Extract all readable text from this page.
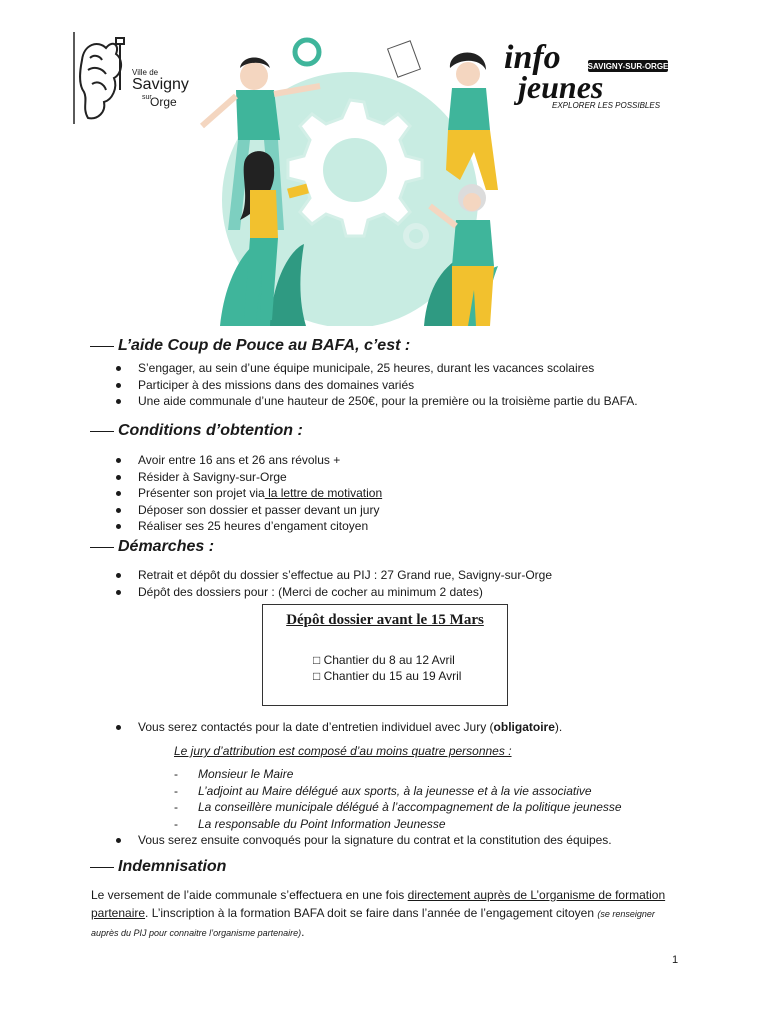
Ville de
Savigny
sur
Orge
info	SAVIGNY-SUR-ORGE
jeunes
EXPLORER LES POSSIBLES
L’aide Coup de Pouce au BAFA, c’est :
S’engager, au sein d’une équipe municipale, 25 heures, durant les vacances scolaires
Participer à des missions dans des domaines variés
Une aide communale d’une hauteur de 250€, pour la première ou la troisième partie du BAFA.
Conditions d’obtention :
Avoir entre 16 ans et 26 ans révolus +
Résider à Savigny-sur-Orge
Présenter son projet via la lettre de motivation
Déposer son dossier et passer devant un jury
Réaliser ses 25 heures d’engament citoyen
Démarches :
Retrait et dépôt du dossier s’effectue au PIJ : 27 Grand rue, Savigny-sur-Orge
Dépôt des dossiers pour : (Merci de cocher au minimum 2 dates)
Dépôt dossier avant le 15 Mars
□ Chantier du 8 au 12 Avril
□ Chantier du 15 au 19 Avril
Vous serez contactés pour la date d’entretien individuel avec Jury (obligatoire).
Le jury d’attribution est composé d’au moins quatre personnes :
- Monsieur le Maire
- L’adjoint au Maire délégué aux sports, à la jeunesse et à la vie associative
- La conseillère municipale délégué à l’accompagnement de la politique jeunesse
- La responsable du Point Information Jeunesse
Vous serez ensuite convoqués pour la signature du contrat et la constitution des équipes.
Indemnisation
Le versement de l’aide communale s’effectuera en une fois directement auprès de L’organisme de formation partenaire. L’inscription à la formation BAFA doit se faire dans l’année de l’engagement citoyen (se renseigner auprès du PIJ pour connaitre l’organisme partenaire).
1
